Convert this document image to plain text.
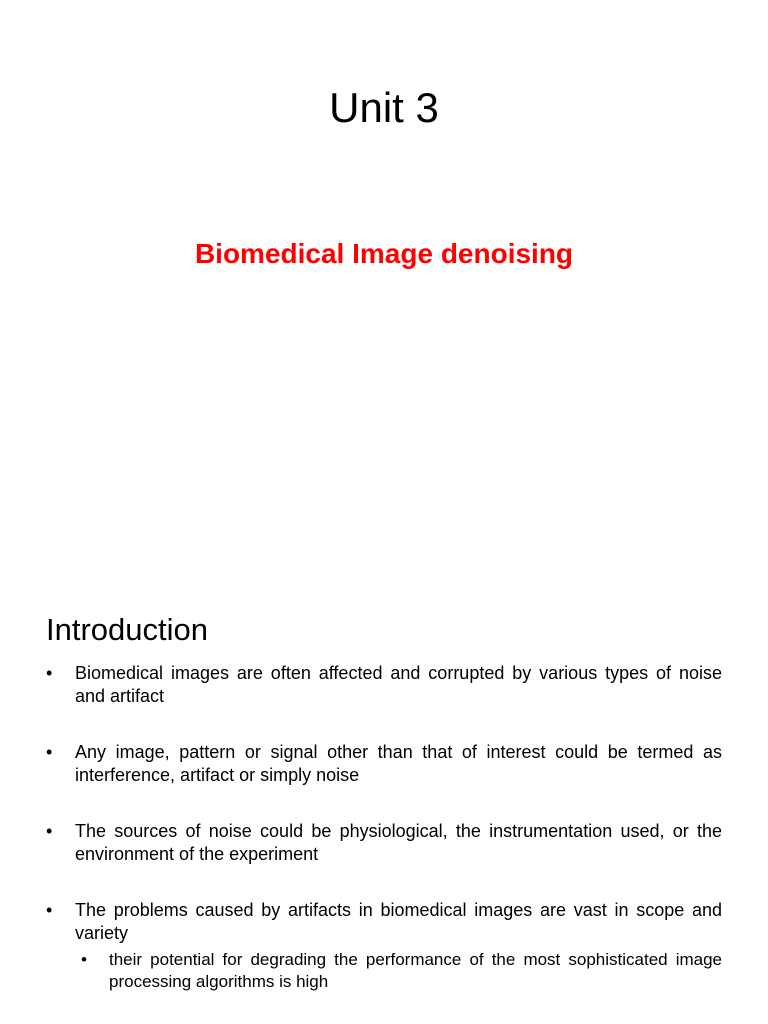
Unit 3
Biomedical Image denoising
Introduction
• Biomedical images are often affected and corrupted by various types of noise and artifact
• Any image, pattern or signal other than that of interest could be termed as interference, artifact or simply noise
• The sources of noise could be physiological, the instrumentation used, or the environment of the experiment
• The problems caused by artifacts in biomedical images are vast in scope and variety
• their potential for degrading the performance of the most sophisticated image processing algorithms is high
